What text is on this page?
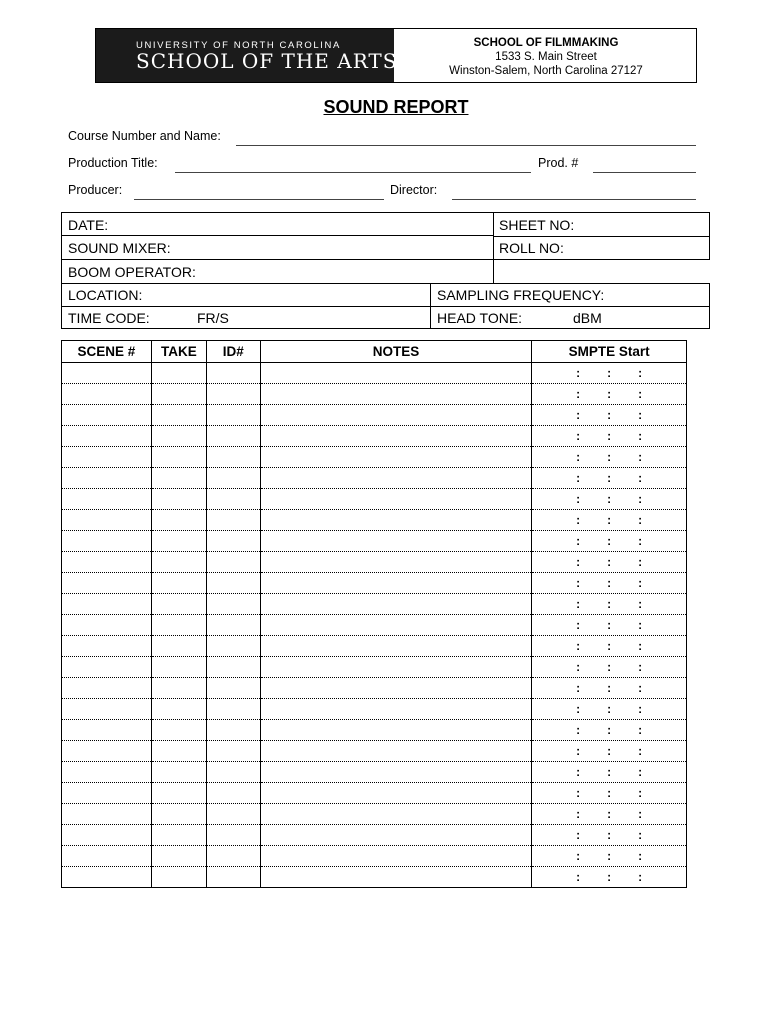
UNIVERSITY OF NORTH CAROLINA
SCHOOL OF THE ARTS
SCHOOL OF FILMMAKING
1533 S. Main Street
Winston-Salem, North Carolina 27127
SOUND REPORT
Course Number and Name:
Production Title:	Prod. #
Producer:	Director:
DATE:	SHEET NO:
SOUND MIXER:	ROLL NO:
BOOM OPERATOR:
LOCATION:	SAMPLING FREQUENCY:
TIME CODE:	FR/S	HEAD TONE:	dBM
SCENE #	TAKE	ID#	NOTES	SMPTE Start
				: : :
				: : :
				: : :
				: : :
				: : :
				: : :
				: : :
				: : :
				: : :
				: : :
				: : :
				: : :
				: : :
				: : :
				: : :
				: : :
				: : :
				: : :
				: : :
				: : :
				: : :
				: : :
				: : :
				: : :
				: : :
